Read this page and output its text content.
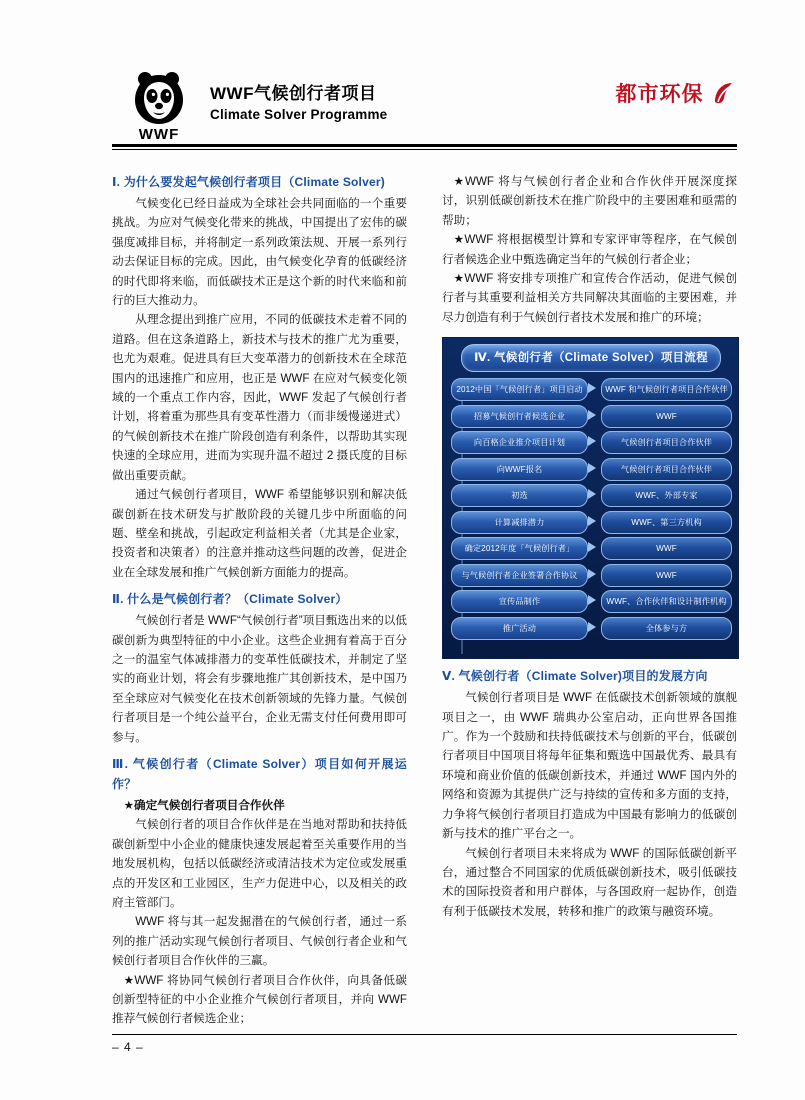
WWF
WWF气候创行者项目
Climate Solver Programme
都市环保
Ⅰ. 为什么要发起气候创行者项目（Climate Solver)

气候变化已经日益成为全球社会共同面临的一个重要挑战。为应对气候变化带来的挑战，中国提出了宏伟的碳强度减排目标，并将制定一系列政策法规、开展一系列行动去保证目标的完成。因此，由气候变化孕育的低碳经济的时代即将来临，而低碳技术正是这个新的时代来临和前行的巨大推动力。

从理念提出到推广应用，不同的低碳技术走着不同的道路。但在这条道路上，新技术与技术的推广尤为重要，也尤为艰难。促进具有巨大变革潜力的创新技术在全球范围内的迅速推广和应用，也正是 WWF 在应对气候变化领域的一个重点工作内容，因此，WWF 发起了气候创行者计划，将着重为那些具有变革性潜力（而非缓慢递进式）的气候创新技术在推广阶段创造有利条件，以帮助其实现快速的全球应用，进而为实现升温不超过 2 摄氏度的目标做出重要贡献。

通过气候创行者项目，WWF 希望能够识别和解决低碳创新在技术研发与扩散阶段的关键几步中所面临的问题、壁垒和挑战，引起政定利益相关者（尤其是企业家，投资者和决策者）的注意并推动这些问题的改善，促进企业在全球发展和推广气候创新方面能力的提高。

Ⅱ. 什么是气候创行者？（Climate Solver）

气候创行者是 WWF“气候创行者”项目甄选出来的以低碳创新为典型特征的中小企业。这些企业拥有着高于百分之一的温室气体减排潜力的变革性低碳技术，并制定了坚实的商业计划，将会有步骤地推广其创新技术，是中国乃至全球应对气候变化在技术创新领域的先锋力量。气候创行者项目是一个纯公益平台，企业无需支付任何费用即可参与。

Ⅲ. 气候创行者（Climate Solver）项目如何开展运作？
★确定气候创行者项目合作伙伴

气候创行者的项目合作伙伴是在当地对帮助和扶持低碳创新型中小企业的健康快速发展起着至关重要作用的当地发展机构，包括以低碳经济或清洁技术为定位或发展重点的开发区和工业园区，生产力促进中心，以及相关的政府主管部门。

WWF 将与其一起发掘潜在的气候创行者，通过一系列的推广活动实现气候创行者项目、气候创行者企业和气候创行者项目合作伙伴的三赢。

★WWF 将协同气候创行者项目合作伙伴，向具备低碳创新型特征的中小企业推介气候创行者项目，并向 WWF 推荐气候创行者候选企业；

★WWF 将与气候创行者企业和合作伙伴开展深度探讨，识别低碳创新技术在推广阶段中的主要困难和亟需的帮助；

★WWF 将根据模型计算和专家评审等程序，在气候创行者候选企业中甄选确定当年的气候创行者企业；

★WWF 将安排专项推广和宣传合作活动，促进气候创行者与其重要利益相关方共同解决其面临的主要困难，并尽力创造有利于气候创行者技术发展和推广的环境；

Ⅳ. 气候创行者（Climate Solver）项目流程
2012中国「气候创行者」项目启动	WWF 和气候创行者项目合作伙伴
招募气候创行者候选企业	WWF
向百格企业推介项目计划	气候创行者项目合作伙伴
向WWF报名	气候创行者项目合作伙伴
初选	WWF、外部专家
计算减排潜力	WWF、第三方机构
确定2012年度「气候创行者」	WWF
与气候创行者企业签署合作协议	WWF
宣传品制作	WWF、合作伙伴和设计制作机构
推广活动	全体参与方
Ⅴ. 气候创行者（Climate Solver)项目的发展方向

气候创行者项目是 WWF 在低碳技术创新领域的旗舰项目之一，由 WWF 瑞典办公室启动，正向世界各国推广。作为一个鼓励和扶持低碳技术与创新的平台，低碳创行者项目中国项目将每年征集和甄选中国最优秀、最具有环境和商业价值的低碳创新技术，并通过 WWF 国内外的网络和资源为其提供广泛与持续的宣传和多方面的支持，力争将气候创行者项目打造成为中国最有影响力的低碳创新与技术的推广平台之一。

气候创行者项目未来将成为 WWF 的国际低碳创新平台，通过整合不同国家的优质低碳创新技术，吸引低碳技术的国际投资者和用户群体，与各国政府一起协作，创造有利于低碳技术发展，转移和推广的政策与融资环境。

– 4 –
